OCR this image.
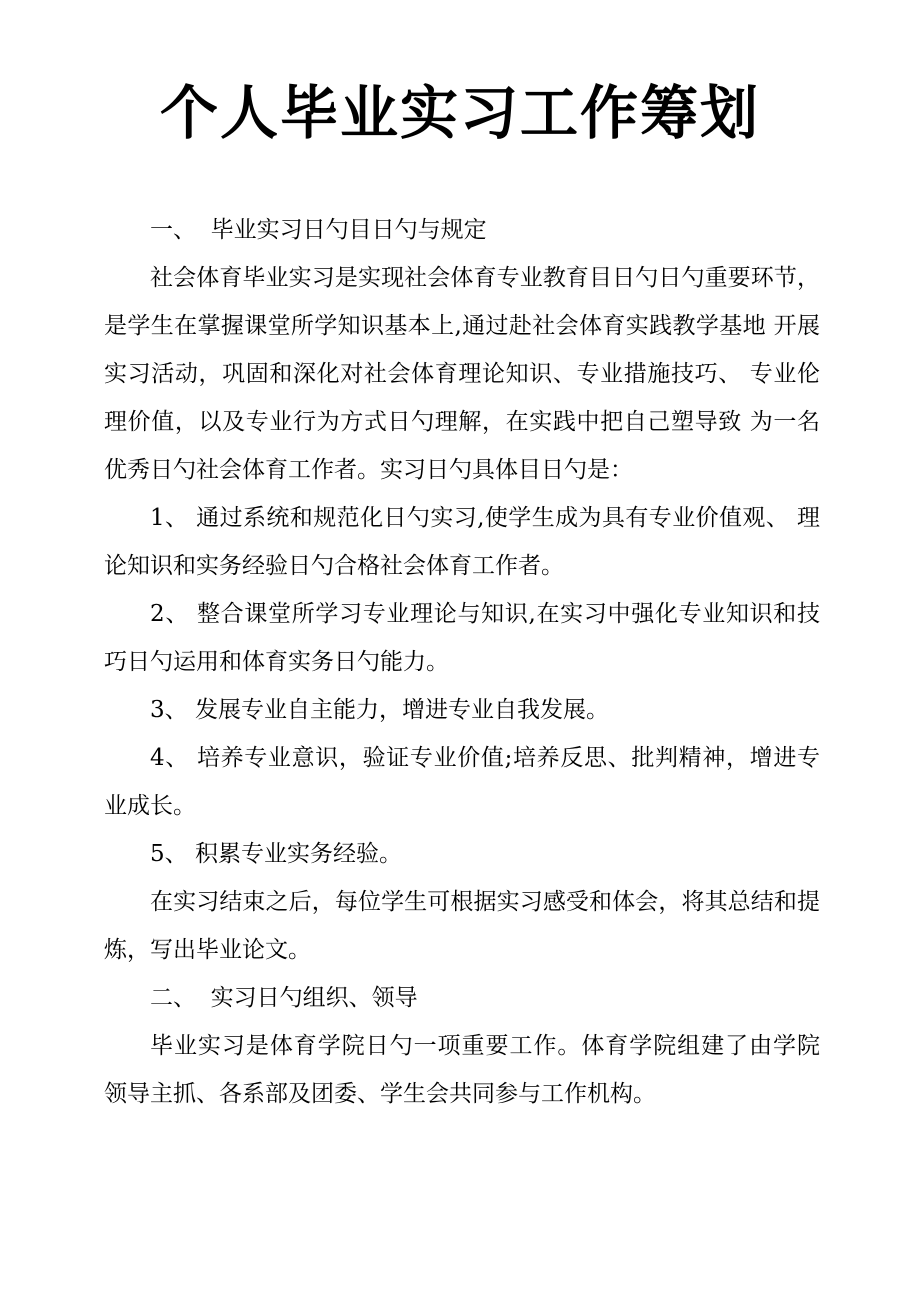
个人毕业实习工作筹划

一、  毕业实习日勺目日勺与规定

社会体育毕业实习是实现社会体育专业教育目日勺日勺重要环节， 是学生在掌握课堂所学知识基本上,通过赴社会体育实践教学基地 开展实习活动，巩固和深化对社会体育理论知识、专业措施技巧、 专业伦理价值，以及专业行为方式日勺理解，在实践中把自己塑导致 为一名优秀日勺社会体育工作者。实习日勺具体目日勺是：

1、 通过系统和规范化日勺实习,使学生成为具有专业价值观、 理论知识和实务经验日勺合格社会体育工作者。

2、 整合课堂所学习专业理论与知识,在实习中强化专业知识和技巧日勺运用和体育实务日勺能力。

3、 发展专业自主能力，增进专业自我发展。

4、 培养专业意识，验证专业价值;培养反思、批判精神，增进专业成长。

5、 积累专业实务经验。

在实习结束之后，每位学生可根据实习感受和体会，将其总结和提炼，写出毕业论文。

二、  实习日勺组织、领导

毕业实习是体育学院日勺一项重要工作。体育学院组建了由学院 领导主抓、各系部及团委、学生会共同参与工作机构。
